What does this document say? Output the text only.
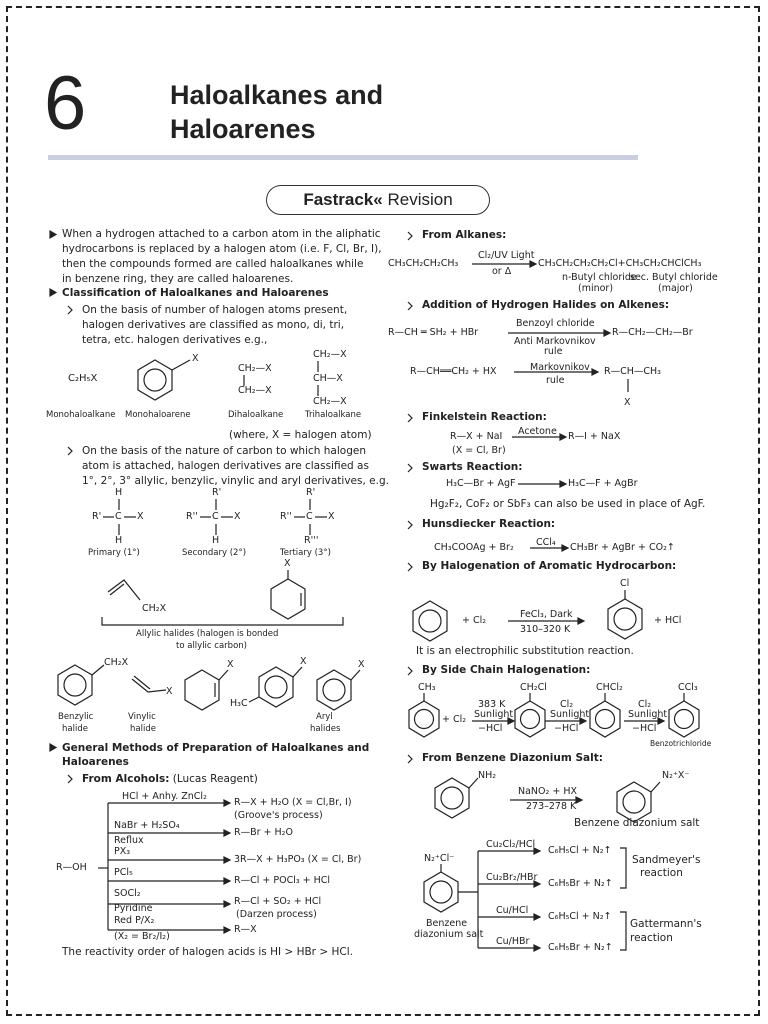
6	Haloalkanes and
Haloarenes
Fastrack« Revision
When a hydrogen attached to a carbon atom in the aliphatic
hydrocarbons is replaced by a halogen atom (i.e. F, Cl, Br, I),
then the compounds formed are called haloalkanes while
in benzene ring, they are called haloarenes.
Classification of Haloalkanes and Haloarenes
On the basis of number of halogen atoms present,
halogen derivatives are classified as mono, di, tri,
tetra, etc. halogen derivatives e.g.,
C₂H₅X
X
CH₂—X
CH₂—X
CH₂—X
CH—X
CH₂—X
Monohaloalkane Monohaloarene	Dihaloalkane	Trihaloalkane
(where, X = halogen atom)
On the basis of the nature of carbon to which halogen
atom is attached, halogen derivatives are classified as
1°, 2°, 3° allylic, benzylic, vinylic and aryl derivatives, e.g.
H
R' C X
H
Primary (1°)
R'
R'' C X
H
Secondary (2°)
R'
R'' C X
R'''
Tertiary (3°)
CH₂X
X
Allylic halides (halogen is bonded
to allylic carbon)
CH₂X
X
X	X
H₃C
X
Benzylic
halide
Vinylic
halide
Aryl
halides
General Methods of Preparation of Haloalkanes and
Haloarenes
From Alcohols: (Lucas Reagent)
R—OH
HCl + Anhy. ZnCl₂
NaBr + H₂SO₄
Reflux
PX₃
PCl₅
SOCl₂
Pyridine
Red P/X₂
(X₂ = Br₂/I₂)
R—X + H₂O (X = Cl,Br, I)
(Groove's process)
R—Br + H₂O
3R—X + H₃PO₃ (X = Cl, Br)
R—Cl + POCl₃ + HCl
R—Cl + SO₂ + HCl
(Darzen process)
R—X
The reactivity order of halogen acids is HI > HBr > HCl.
From Alkanes:
CH₃CH₂CH₂CH₃
Cl₂/UV Light
or Δ
CH₃CH₂CH₂CH₂Cl+CH₃CH₂CHClCH₃
n-Butyl chloride
sec. Butyl chloride
(minor)	(major)
Addition of Hydrogen Halides on Alkenes:
R—CH ═ SH₂ + HBr
Benzoyl chloride
Anti Markovnikov
rule
R—CH₂—CH₂—Br
R—CH══CH₂ + HX	Markovnikov
rule
R—CH—CH₃
X
Finkelstein Reaction:
R—X + NaI Acetone R—I + NaX
(X = Cl, Br)
Swarts Reaction:
H₃C—Br + AgF	H₃C—F + AgBr
Hg₂F₂, CoF₂ or SbF₃ can also be used in place of AgF.
Hunsdiecker Reaction:
CH₃COOAg + Br₂ CCl₄ CH₃Br + AgBr + CO₂↑
By Halogenation of Aromatic Hydrocarbon:
+ Cl₂
FeCl₃, Dark
310–320 K
Cl
+ HCl
It is an electrophilic substitution reaction.
By Side Chain Halogenation:
CH₃
+ Cl₂
383 K
Sunlight
−HCl
CH₂Cl
Cl₂
Sunlight
−HCl
CHCl₂
Cl₂
Sunlight
−HCl
CCl₃
Benzotrichloride
From Benzene Diazonium Salt:
NH₂
NaNO₂ + HX
273–278 K
N₂⁺X⁻
Benzene diazonium salt
N₂⁺Cl⁻
Benzene
diazonium salt
Cu₂Cl₂/HCl
Cu₂Br₂/HBr
Cu/HCl
Cu/HBr
C₆H₅Cl + N₂↑
C₆H₅Br + N₂↑
C₆H₅Cl + N₂↑
C₆H₅Br + N₂↑
Sandmeyer's
reaction
Gattermann's
reaction
